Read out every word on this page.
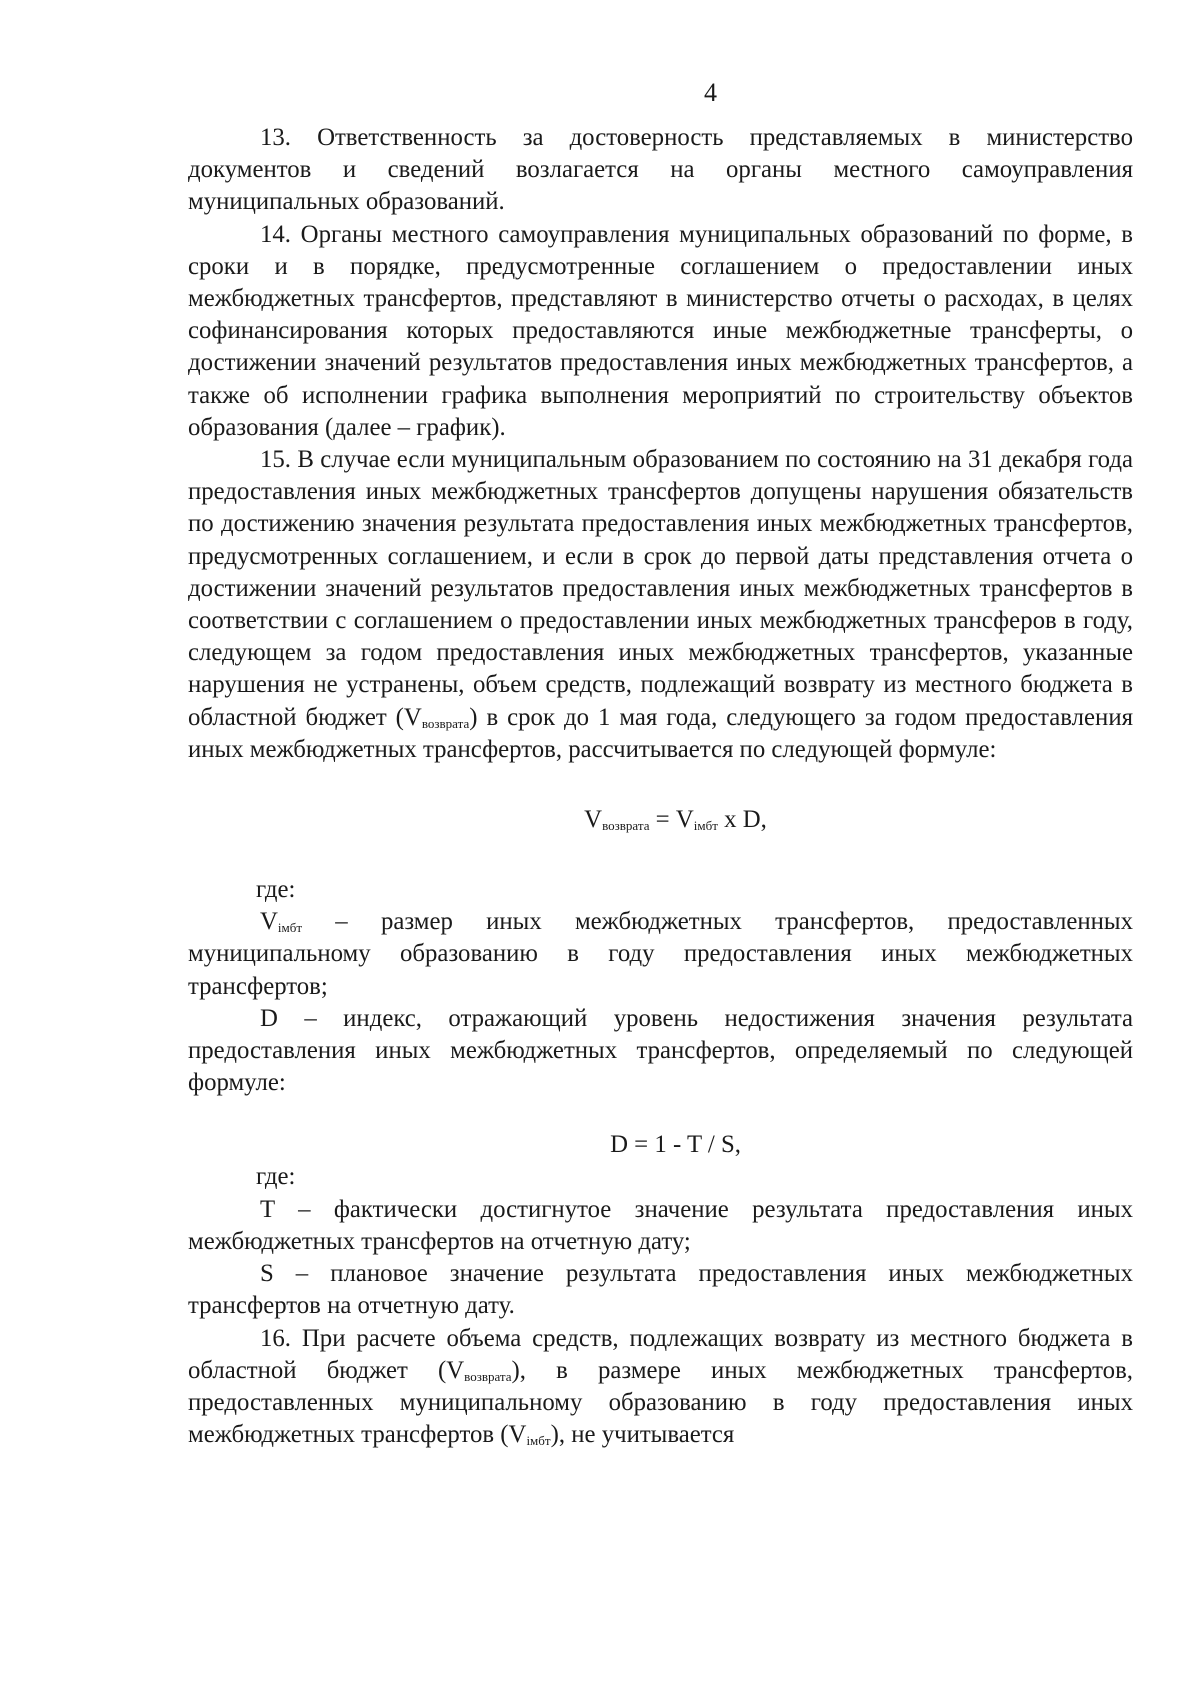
4

13. Ответственность за достоверность представляемых в министерство документов и сведений возлагается на органы местного самоуправления муниципальных образований.

14. Органы местного самоуправления муниципальных образований по форме, в сроки и в порядке, предусмотренные соглашением о предоставлении иных межбюджетных трансфертов, представляют в министерство отчеты о расходах, в целях софинансирования которых предоставляются иные межбюджетные трансферты, о достижении значений результатов предоставления иных межбюджетных трансфертов, а также об исполнении графика выполнения мероприятий по строительству объектов образования (далее – график).

15. В случае если муниципальным образованием по состоянию на 31 декабря года предоставления иных межбюджетных трансфертов допущены нарушения обязательств по достижению значения результата предоставления иных межбюджетных трансфертов, предусмотренных соглашением, и если в срок до первой даты представления отчета о достижении значений результатов предоставления иных межбюджетных трансфертов в соответствии с соглашением о предоставлении иных межбюджетных трансферов в году, следующем за годом предоставления иных межбюджетных трансфертов, указанные нарушения не устранены, объем средств, подлежащий возврату из местного бюджета в областной бюджет $(V_{возврата})$ в срок до 1 мая года, следующего за годом предоставления иных межбюджетных трансфертов, рассчитывается по следующей формуле:

$V_{возврата} = V_{iмбт}$ x D,

где:

$V_{iмбт}$ – размер иных межбюджетных трансфертов, предоставленных муниципальному образованию в году предоставления иных межбюджетных трансфертов;

D – индекс, отражающий уровень недостижения значения результата предоставления иных межбюджетных трансфертов, определяемый по следующей формуле:

D = 1 - T / S,

где:

T – фактически достигнутое значение результата предоставления иных межбюджетных трансфертов на отчетную дату;

S – плановое значение результата предоставления иных межбюджетных трансфертов на отчетную дату.

16. При расчете объема средств, подлежащих возврату из местного бюджета в областной бюджет $(V_{возврата})$, в размере иных межбюджетных трансфертов, предоставленных муниципальному образованию в году предоставления иных межбюджетных трансфертов $(V_{iмбт})$, не учитывается
